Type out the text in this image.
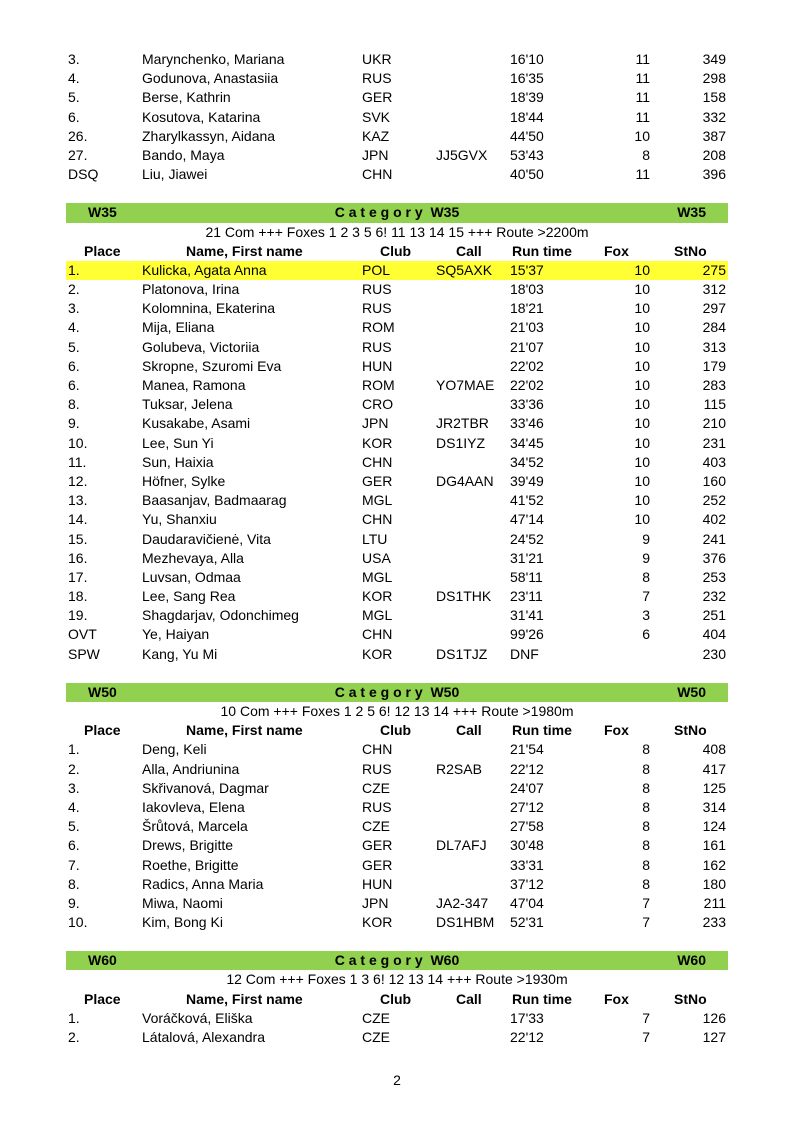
3.	Marynchenko, Mariana	UKR	16'10	11	349
4.	Godunova, Anastasiia	RUS	16'35	11	298
5.	Berse, Kathrin	GER	18'39	11	158
6.	Kosutova, Katarina	SVK	18'44	11	332
26.	Zharylkassyn, Aidana	KAZ	44'50	10	387
27.	Bando, Maya	JPN	JJ5GVX 53'43	8	208
DSQ	Liu, Jiawei	CHN	40'50	11	396
W35	C a t e g o r y W35	W35
21 Com +++ Foxes 1 2 3 5 6! 11 13 14 15 +++ Route >2200m
Place	Name, First name	Club	Call Run time Fox	StNo
1.	Kulicka, Agata Anna	POL	SQ5AXK 15'37	10	275
2.	Platonova, Irina	RUS	18'03	10	312
3.	Kolomnina, Ekaterina	RUS	18'21	10	297
4.	Mija, Eliana	ROM	21'03	10	284
5.	Golubeva, Victoriia	RUS	21'07	10	313
6.	Skropne, Szuromi Eva	HUN	22'02	10	179
6.	Manea, Ramona	ROM	YO7MAE 22'02	10	283
8.	Tuksar, Jelena	CRO	33'36	10	115
9.	Kusakabe, Asami	JPN	JR2TBR 33'46	10	210
10.	Lee, Sun Yi	KOR	DS1IYZ 34'45	10	231
11.	Sun, Haixia	CHN	34'52	10	403
12.	Höfner, Sylke	GER	DG4AAN 39'49	10	160
13.	Baasanjav, Badmaarag	MGL	41'52	10	252
14.	Yu, Shanxiu	CHN	47'14	10	402
15.	Daudaravičienė, Vita	LTU	24'52	9	241
16.	Mezhevaya, Alla	USA	31'21	9	376
17.	Luvsan, Odmaa	MGL	58'11	8	253
18.	Lee, Sang Rea	KOR	DS1THK 23'11	7	232
19.	Shagdarjav, Odonchimeg	MGL	31'41	3	251
OVT	Ye, Haiyan	CHN	99'26	6	404
SPW	Kang, Yu Mi	KOR	DS1TJZ DNF	230
W50	C a t e g o r y W50	W50
10 Com +++ Foxes 1 2 5 6! 12 13 14 +++ Route >1980m
Place	Name, First name	Club	Call Run time Fox	StNo
1.	Deng, Keli	CHN	21'54	8	408
2.	Alla, Andriunina	RUS	R2SAB 22'12	8	417
3.	Skřivanová, Dagmar	CZE	24'07	8	125
4.	Iakovleva, Elena	RUS	27'12	8	314
5.	Šrůtová, Marcela	CZE	27'58	8	124
6.	Drews, Brigitte	GER	DL7AFJ 30'48	8	161
7.	Roethe, Brigitte	GER	33'31	8	162
8.	Radics, Anna Maria	HUN	37'12	8	180
9.	Miwa, Naomi	JPN	JA2-347 47'04	7	211
10.	Kim, Bong Ki	KOR	DS1HBM 52'31	7	233
W60	C a t e g o r y W60	W60
12 Com +++ Foxes 1 3 6! 12 13 14 +++ Route >1930m
Place	Name, First name	Club	Call Run time Fox	StNo
1.	Voráčková, Eliška	CZE	17'33	7	126
2.	Látalová, Alexandra	CZE	22'12	7	127
2
